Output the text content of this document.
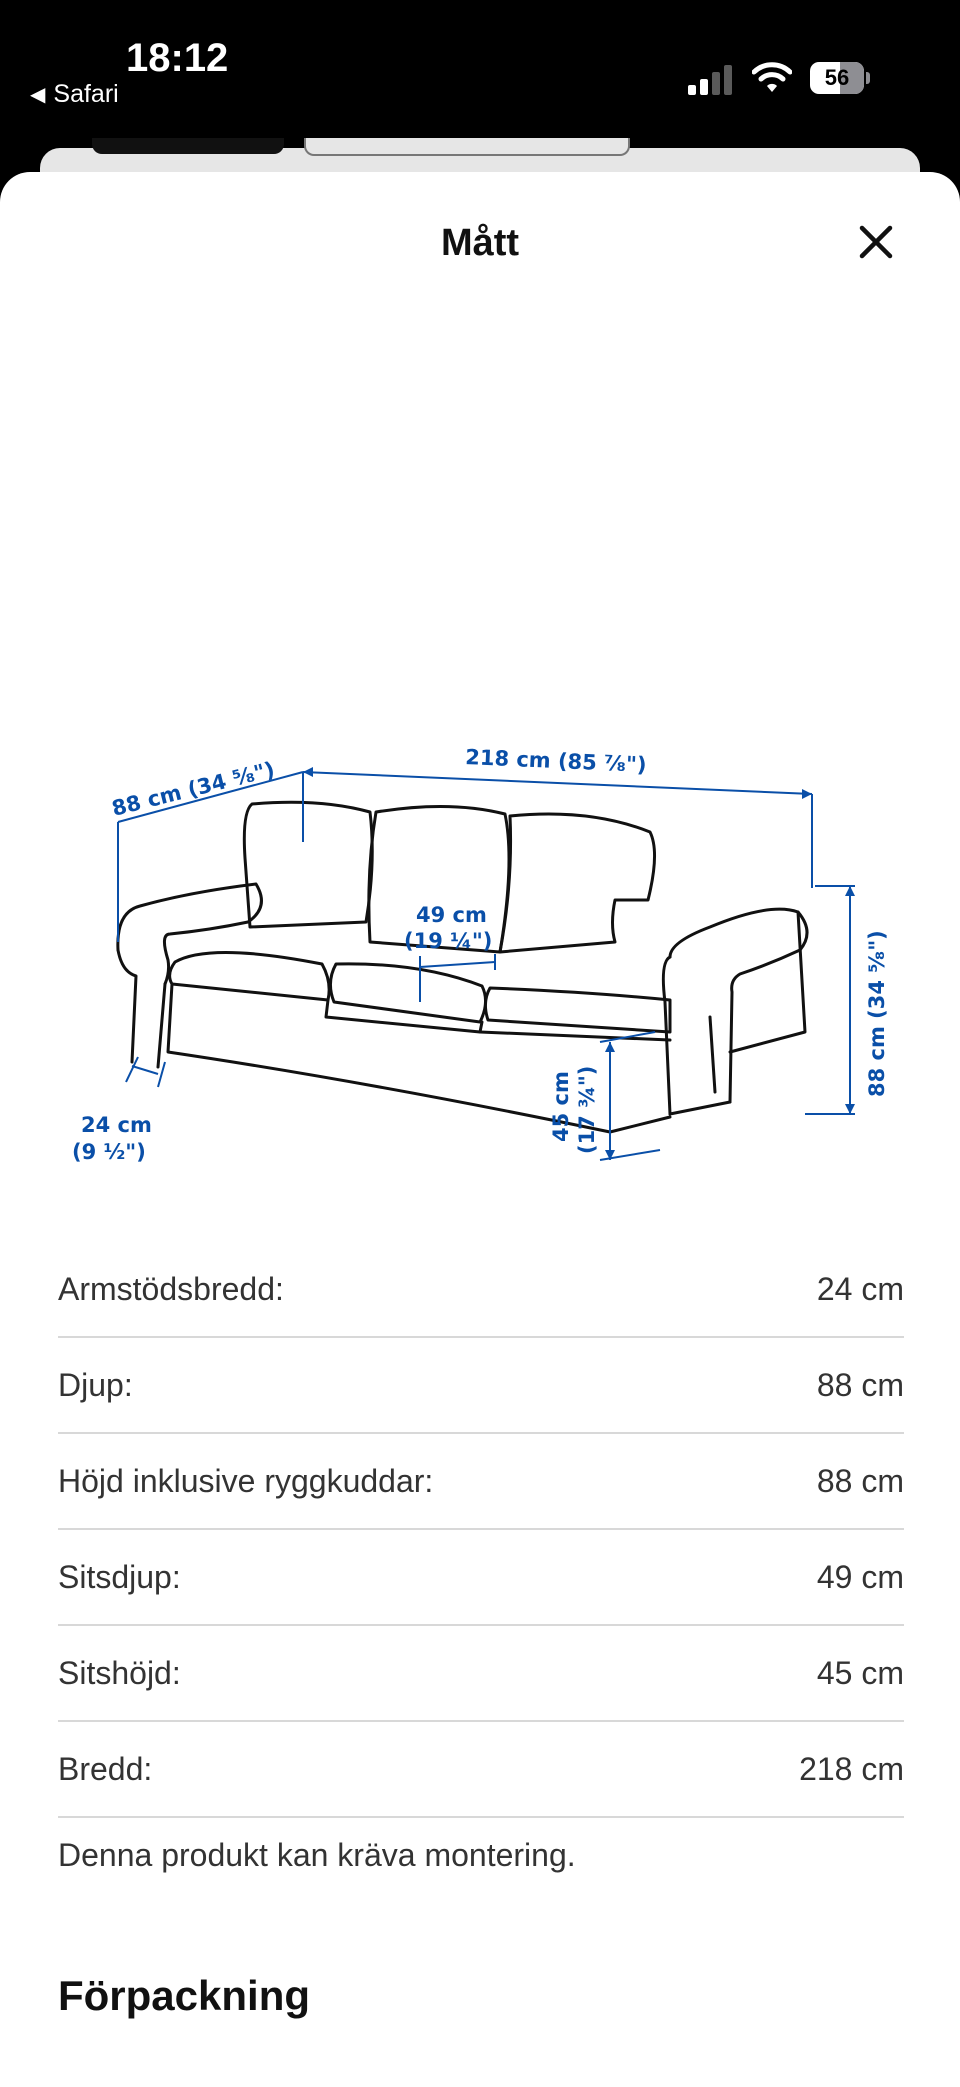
18:12
◀ Safari
56
Mått
88 cm (34 ⁵⁄₈")	218 cm (85 ⁷⁄₈")
49 cm
(19 ¼")	88 cm (34 ⁵⁄₈")
45 cm (17 ¾")
24 cm
(9 ½")
Armstödsbredd:	24 cm
Djup:	88 cm
Höjd inklusive ryggkuddar:	88 cm
Sitsdjup:	49 cm
Sitshöjd:	45 cm
Bredd:	218 cm
Denna produkt kan kräva montering.
Förpackning
